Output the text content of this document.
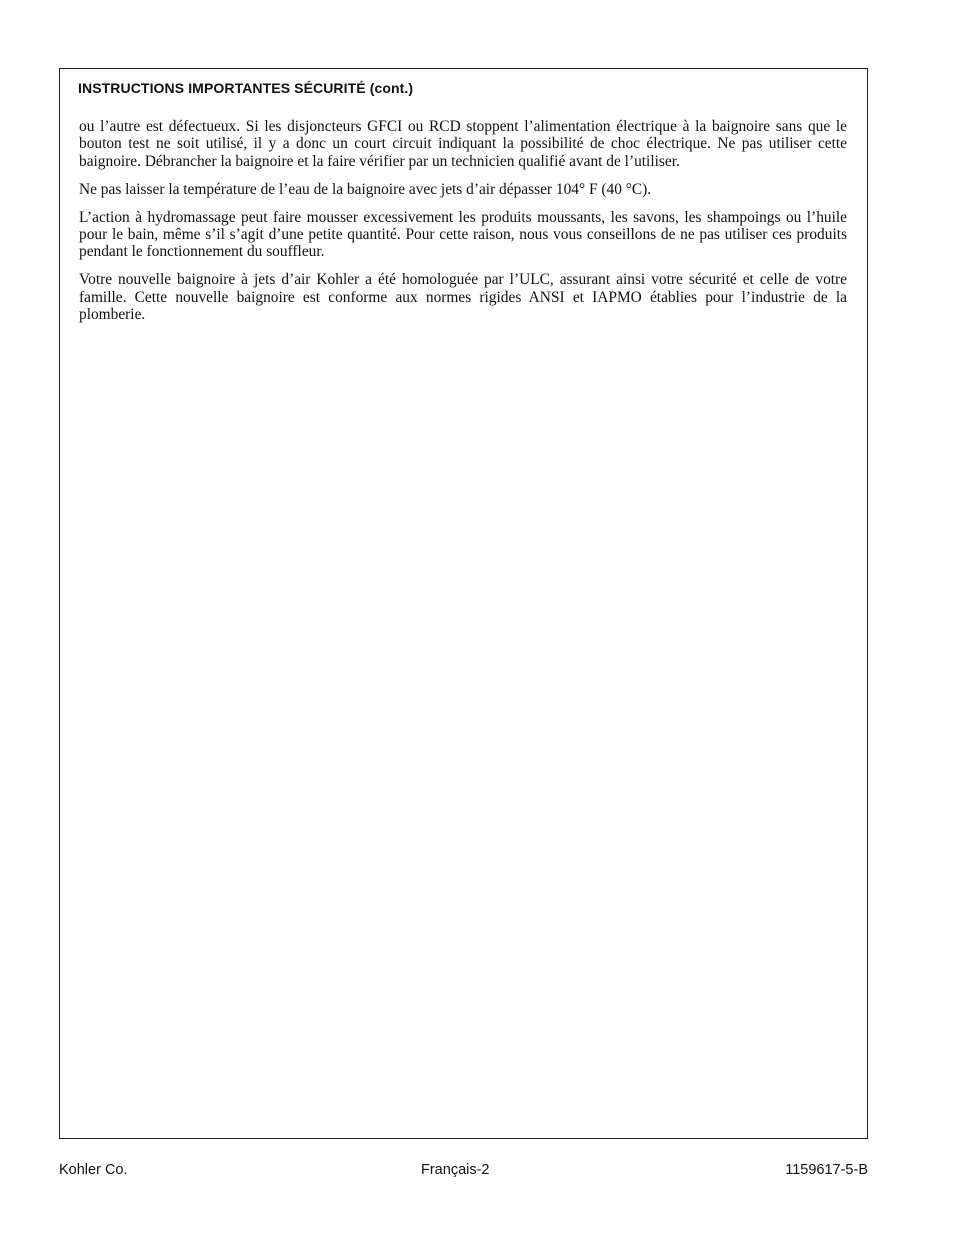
INSTRUCTIONS IMPORTANTES SÉCURITÉ (cont.)

ou l’autre est défectueux. Si les disjoncteurs GFCI ou RCD stoppent l’alimentation électrique à la baignoire sans que le bouton test ne soit utilisé, il y a donc un court circuit indiquant la possibilité de choc électrique. Ne pas utiliser cette baignoire. Débrancher la baignoire et la faire vérifier par un technicien qualifié avant de l’utiliser.

Ne pas laisser la température de l’eau de la baignoire avec jets d’air dépasser 104° F (40 °C).

L’action à hydromassage peut faire mousser excessivement les produits moussants, les savons, les shampoings ou l’huile pour le bain, même s’il s’agit d’une petite quantité. Pour cette raison, nous vous conseillons de ne pas utiliser ces produits pendant le fonctionnement du souffleur.

Votre nouvelle baignoire à jets d’air Kohler a été homologuée par l’ULC, assurant ainsi votre sécurité et celle de votre famille. Cette nouvelle baignoire est conforme aux normes rigides ANSI et IAPMO établies pour l’industrie de la plomberie.

Kohler Co.	Français-2	1159617-5-B
